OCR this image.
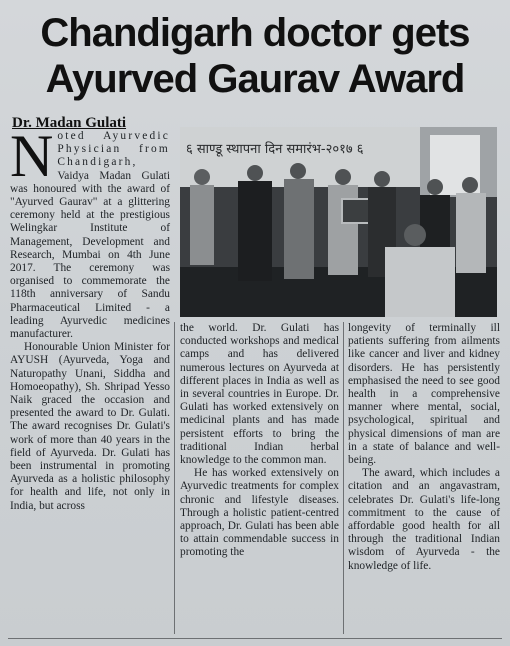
Chandigarh doctor gets
Ayurved Gaurav Award
Dr. Madan Gulati

Noted Ayurvedic Physician from Chandigarh, Vaidya Madan Gulati was honoured with the award of "Ayurved Gaurav" at a glittering ceremony held at the prestigious Welingkar Institute of Management, Development and Research, Mumbai on 4th June 2017. The ceremony was organised to commemorate the 118th anniversary of Sandu Pharmaceutical Limited - a leading Ayurvedic medicines manufacturer.

Honourable Union Minister for AYUSH (Ayurveda, Yoga and Naturopathy Unani, Siddha and Homoeopathy), Sh. Shripad Yesso Naik graced the occasion and presented the award to Dr. Gulati. The award recognises Dr. Gulati's work of more than 40 years in the field of Ayurveda. Dr. Gulati has been instrumental in promoting Ayurveda as a holistic philosophy for health and life, not only in India, but across

६ साण्डू स्थापना दिन समारंभ-२०१७ ६

the world. Dr. Gulati has conducted workshops and medical camps and has delivered numerous lectures on Ayurveda at different places in India as well as in several countries in Europe. Dr. Gulati has worked extensively on medicinal plants and has made persistent efforts to bring the traditional Indian herbal knowledge to the common man.

He has worked extensively on Ayurvedic treatments for complex chronic and lifestyle diseases. Through a holistic patient-centred approach, Dr. Gulati has been able to attain commendable success in promoting the

longevity of terminally ill patients suffering from ailments like cancer and liver and kidney disorders. He has persistently emphasised the need to see good health in a comprehensive manner where mental, social, psychological, spiritual and physical dimensions of man are in a state of balance and well-being.

The award, which includes a citation and an angavastram, celebrates Dr. Gulati's life-long commitment to the cause of affordable good health for all through the traditional Indian wisdom of Ayurveda - the knowledge of life.
